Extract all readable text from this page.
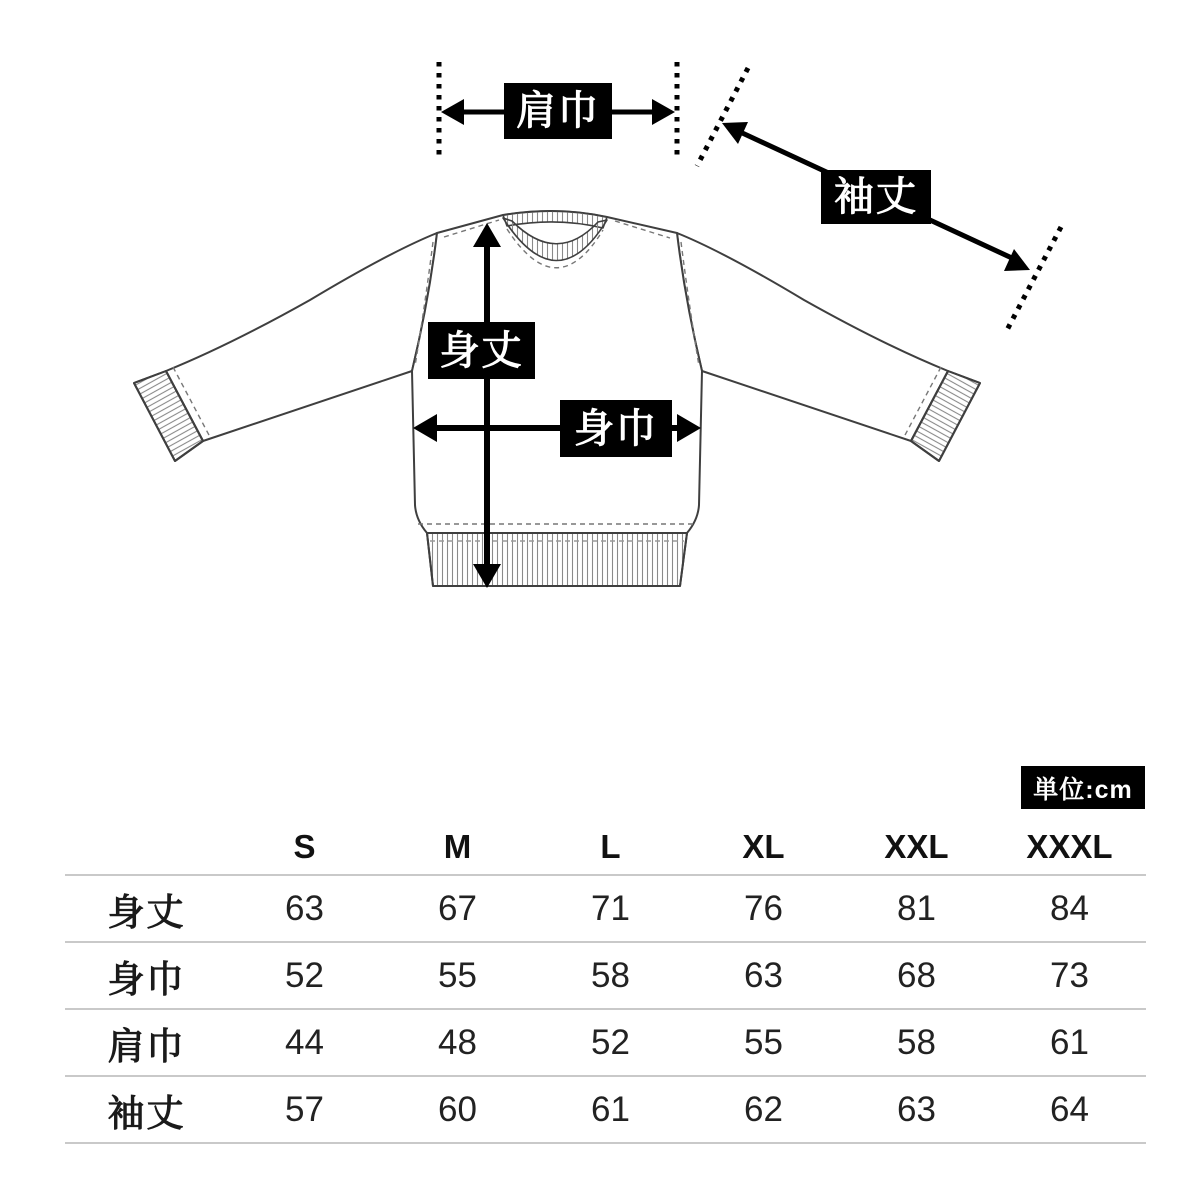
肩巾
袖丈
身丈
身巾
単位:cm
S	M	L	XL	XXL	XXXL
身丈	63	67	71	76	81	84
身巾	52	55	58	63	68	73
肩巾	44	48	52	55	58	61
袖丈	57	60	61	62	63	64
